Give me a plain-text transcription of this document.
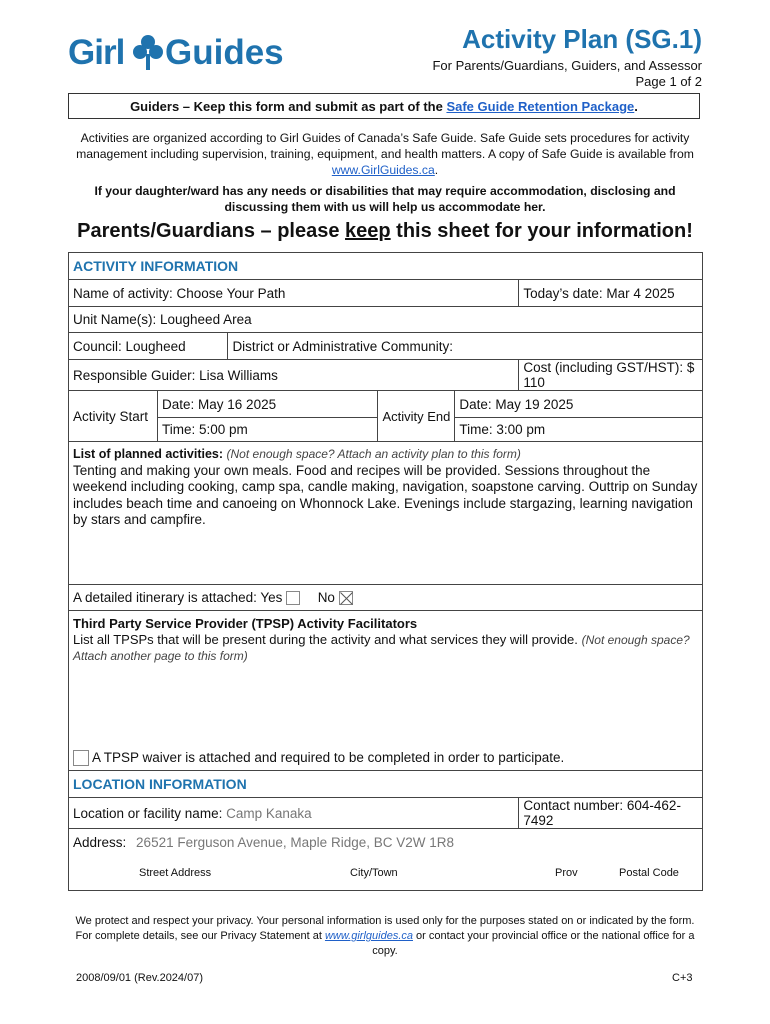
Girl Guides	Activity Plan (SG.1)
For Parents/Guardians, Guiders, and Assessor
Page 1 of 2
Guiders – Keep this form and submit as part of the Safe Guide Retention Package.
Activities are organized according to Girl Guides of Canada’s Safe Guide. Safe Guide sets procedures for activity management including supervision, training, equipment, and health matters. A copy of Safe Guide is available from www.GirlGuides.ca.
If your daughter/ward has any needs or disabilities that may require accommodation, disclosing and discussing them with us will help us accommodate her.
Parents/Guardians – please keep this sheet for your information!
ACTIVITY INFORMATION					
Name of activity: Choose Your Path					Today’s date: Mar 4 2025
Unit Name(s): Lougheed Area					
Council: Lougheed		District or Administrative Community:			
Responsible Guider: Lisa Williams					Cost (including GST/HST): $ 110
Activity Start	Date: May 16 2025		Activity End	Date: May 19 2025	
	Time: 5:00 pm			Time: 3:00 pm	

List of planned activities: (Not enough space? Attach an activity plan to this form)
Tenting and making your own meals. Food and recipes will be provided. Sessions throughout the weekend including cooking, camp spa, candle making, navigation, soapstone carving. Outtrip on Sunday includes beach time and canoeing on Whonnock Lake. Evenings include stargazing, learning navigation by stars and campfire.					

A detailed itinerary is attached: Yes No					

Third Party Service Provider (TPSP) Activity Facilitators
List all TPSPs that will be present during the activity and what services they will provide. (Not enough space? Attach another page to this form)
A TPSP waiver is attached and required to be completed in order to participate.					

LOCATION INFORMATION					
Location or facility name: Camp Kanaka					Contact number: 604-462-7492
Address: 26521 Ferguson Avenue, Maple Ridge, BC V2W 1R8
Street Address City/Town Prov Postal Code					
We protect and respect your privacy. Your personal information is used only for the purposes stated on or indicated by the form. For complete details, see our Privacy Statement at www.girlguides.ca or contact your provincial office or the national office for a copy.
2008/09/01 (Rev.2024/07)	C+3
